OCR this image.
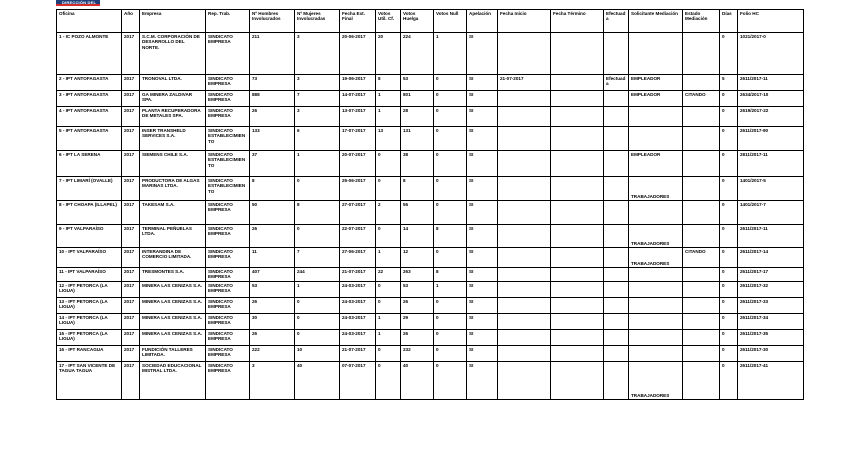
DIRECCIÓN DEL TRABAJO
Oficina	Año	Empresa	Rep. Trab.	Nº Hombres Involucrados	Nº Mujeres Involucradas	Fecha Ext. Final	Votos Util. Cf.	Votos Huelga	Votos Null	Apelación	Fecha Inicio	Fecha Término	Efectuada	Solicitante Mediación	Estado Mediación	Días	Folio HC
1 - IC POZO ALMONTE	2017	S.C.M. CORPORACIÓN DE DESARROLLO DEL NORTE.	SINDICATO EMPRESA	211	3	20-06-2017	20	224	1	SI						0	1021/2017-0
2 - IPT ANTOFAGASTA	2017	TRONOVAL LTDA.	SINDICATO EMPRESA	73	3	19-06-2017	8	53	0	SI	21-07-2017		Efectuada	EMPLEADOR		5	2611/2017-11
3 - IPT ANTOFAGASTA	2017	GA MINERA ZALDIVAR SPA.	SINDICATO EMPRESA	888	7	14-07-2017	1	801	0	SI				EMPLEADOR	CITANDO	0	2634/2017-10
4 - IPT ANTOFAGASTA	2017	PLANTA RECUPERADORA DE METALES SPA.	SINDICATO EMPRESA	26	3	13-07-2017	1	28	0	SI						0	2619/2017-22
5 - IPT ANTOFAGASTA	2017	INSER TRANSHELD SERVICES S.A.	SINDICATO ESTABLECIMIENTO	133	6	17-07-2017	13	131	0	SI						0	2611/2017-90
6 - IPT LA SERENA	2017	SIEMENS CHILE S.A.	SINDICATO ESTABLECIMIENTO	37	1	20-07-2017	0	38	0	SI				EMPLEADOR		0	2811/2017-11
7 - IPT LIMARÍ (OVALLE)	2017	PRODUCTORA DE ALGAS MARINAS LTDA.	SINDICATO ESTABLECIMIENTO	8	0	25-06-2017	0	8	0	SI				TRABAJADORES		0	1401/2017-5
8 - IPT CHOAPA (ILLAPEL)	2017	TAKESAM S.A.	SINDICATO EMPRESA	50	8	27-07-2017	2	55	0	SI						0	1401/2017-7
9 - IPT VALPARAÍSO	2017	TERMINAL PEÑUELAS LTDA.	SINDICATO EMPRESA	26	0	22-07-2017	0	14	8	SI				TRABAJADORES		0	2611/2017-11
10 - IPT VALPARAÍSO	2017	INTERANDINA DE COMERCIO LIMITADA.	SINDICATO EMPRESA	11	7	27-06-2017	1	12	0	SI				TRABAJADORES	CITANDO	0	2611/2017-14
11 - IPT VALPARAÍSO	2017	TRESMONTES S.A.	SINDICATO EMPRESA	407	244	21-07-2017	22	263	8	SI						0	2611/2017-17
12 - IPT PETORCA (LA LIGUA)	2017	MINERA LAS CENIZAS S.A.	SINDICATO EMPRESA	53	1	24-03-2017	0	53	1	SI						0	2611/2017-32
13 - IPT PETORCA (LA LIGUA)	2017	MINERA LAS CENIZAS S.A.	SINDICATO EMPRESA	26	0	24-03-2017	0	26	0	SI						0	2611/2017-33
14 - IPT PETORCA (LA LIGUA)	2017	MINERA LAS CENIZAS S.A.	SINDICATO EMPRESA	30	0	24-03-2017	1	29	0	SI						0	2611/2017-34
15 - IPT PETORCA (LA LIGUA)	2017	MINERA LAS CENIZAS S.A.	SINDICATO EMPRESA	26	0	24-03-2017	1	26	0	SI						0	2611/2017-35
16 - IPT RANCAGUA	2017	FUNDICIÓN TALLERES LIMITADA.	SINDICATO EMPRESA	222	10	21-07-2017	0	232	0	SI						0	2611/2017-30
17 - IPT SAN VICENTE DE TAGUA TAGUA	2017	SOCIEDAD EDUCACIONAL MISTRAL LTDA.	SINDICATO EMPRESA	3	40	07-07-2017	0	40	0	SI				TRABAJADORES		0	2611/2017-41
